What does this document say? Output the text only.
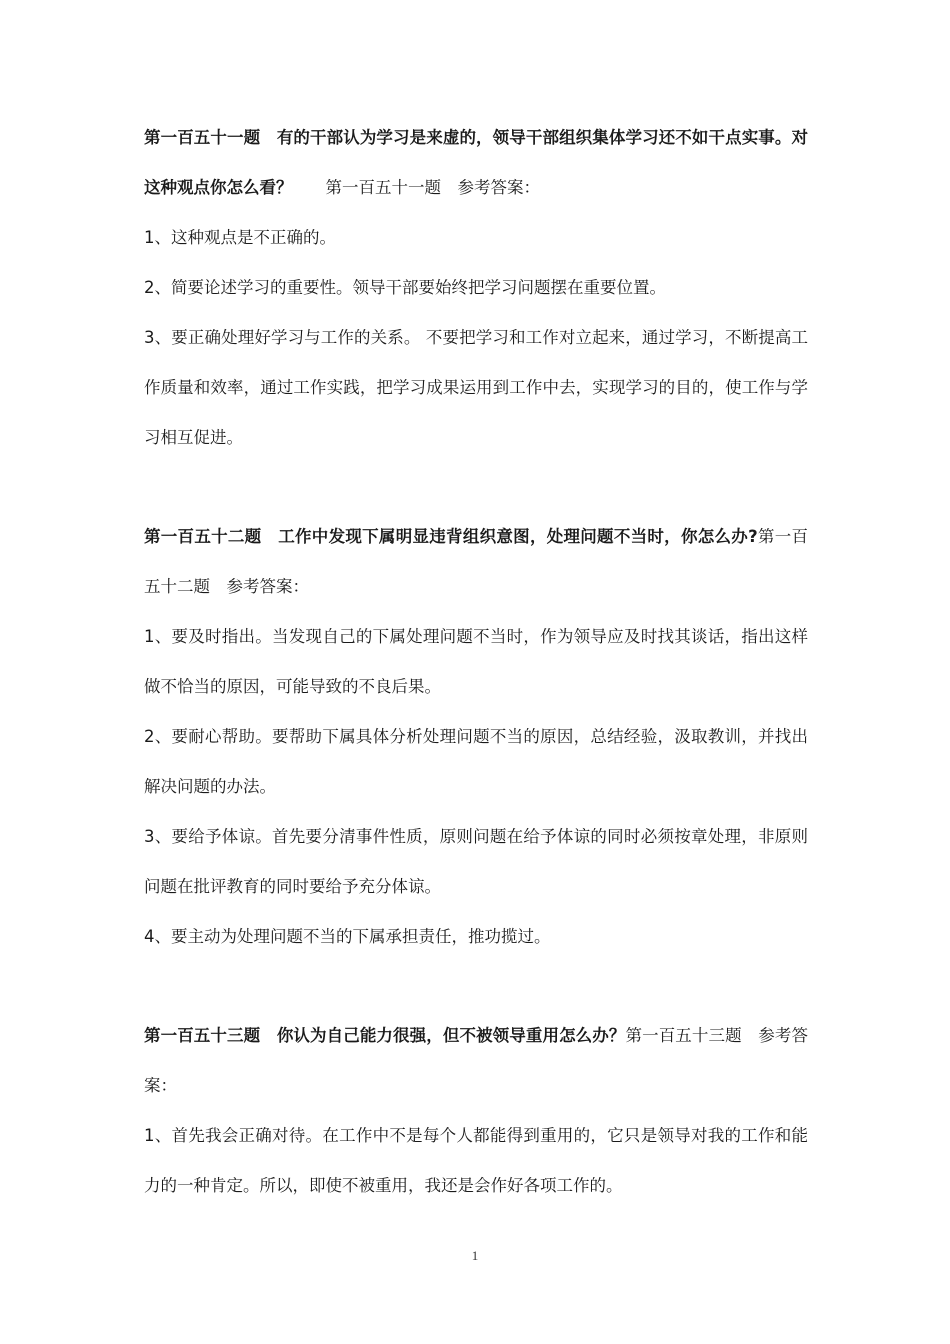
第一百五十一题　有的干部认为学习是来虚的，领导干部组织集体学习还不如干点实事。对这种观点你怎么看？　　第一百五十一题　参考答案：

1、这种观点是不正确的。

2、简要论述学习的重要性。领导干部要始终把学习问题摆在重要位置。

3、要正确处理好学习与工作的关系。 不要把学习和工作对立起来，通过学习，不断提高工作质量和效率，通过工作实践，把学习成果运用到工作中去，实现学习的目的，使工作与学习相互促进。

第一百五十二题　工作中发现下属明显违背组织意图，处理问题不当时，你怎么办?第一百五十二题　参考答案：

1、要及时指出。当发现自己的下属处理问题不当时，作为领导应及时找其谈话，指出这样做不恰当的原因，可能导致的不良后果。

2、要耐心帮助。要帮助下属具体分析处理问题不当的原因，总结经验，汲取教训，并找出解决问题的办法。

3、要给予体谅。首先要分清事件性质，原则问题在给予体谅的同时必须按章处理，非原则问题在批评教育的同时要给予充分体谅。

4、要主动为处理问题不当的下属承担责任，推功揽过。

第一百五十三题　你认为自己能力很强，但不被领导重用怎么办？第一百五十三题　参考答案：

1、首先我会正确对待。在工作中不是每个人都能得到重用的，它只是领导对我的工作和能力的一种肯定。所以，即使不被重用，我还是会作好各项工作的。

1
